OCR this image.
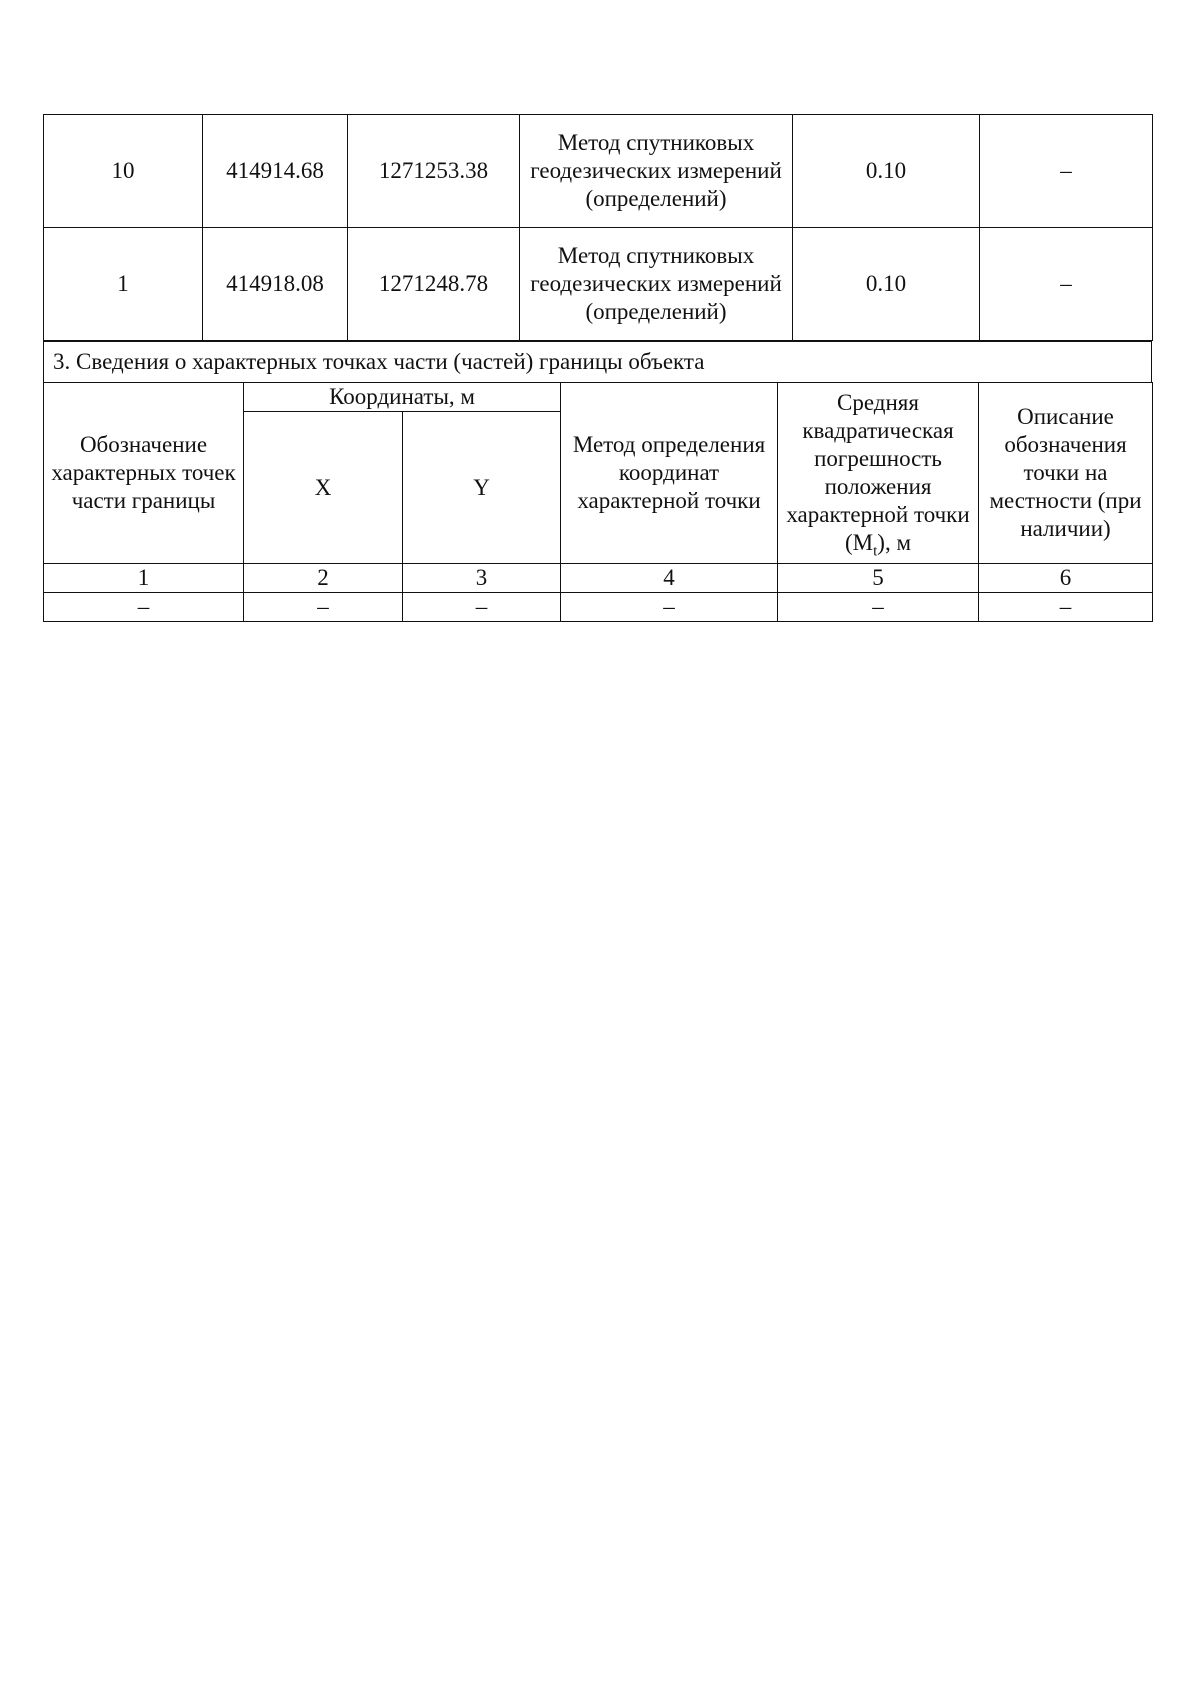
10	414914.68	1271253.38	Метод спутниковых геодезических измерений (определений)	0.10	–
1	414918.08	1271248.78	Метод спутниковых геодезических измерений (определений)	0.10	–
3. Сведения о характерных точках части (частей) границы объекта
Обозначение характерных точек части границы	Координаты, м		Метод определения координат характерной точки	Средняя квадратическая погрешность положения характерной точки $(M_t)$, м	Описание обозначения точки на местности (при наличии)
	X	Y			
1	2	3	4	5	6
–	–	–	–	–	–
